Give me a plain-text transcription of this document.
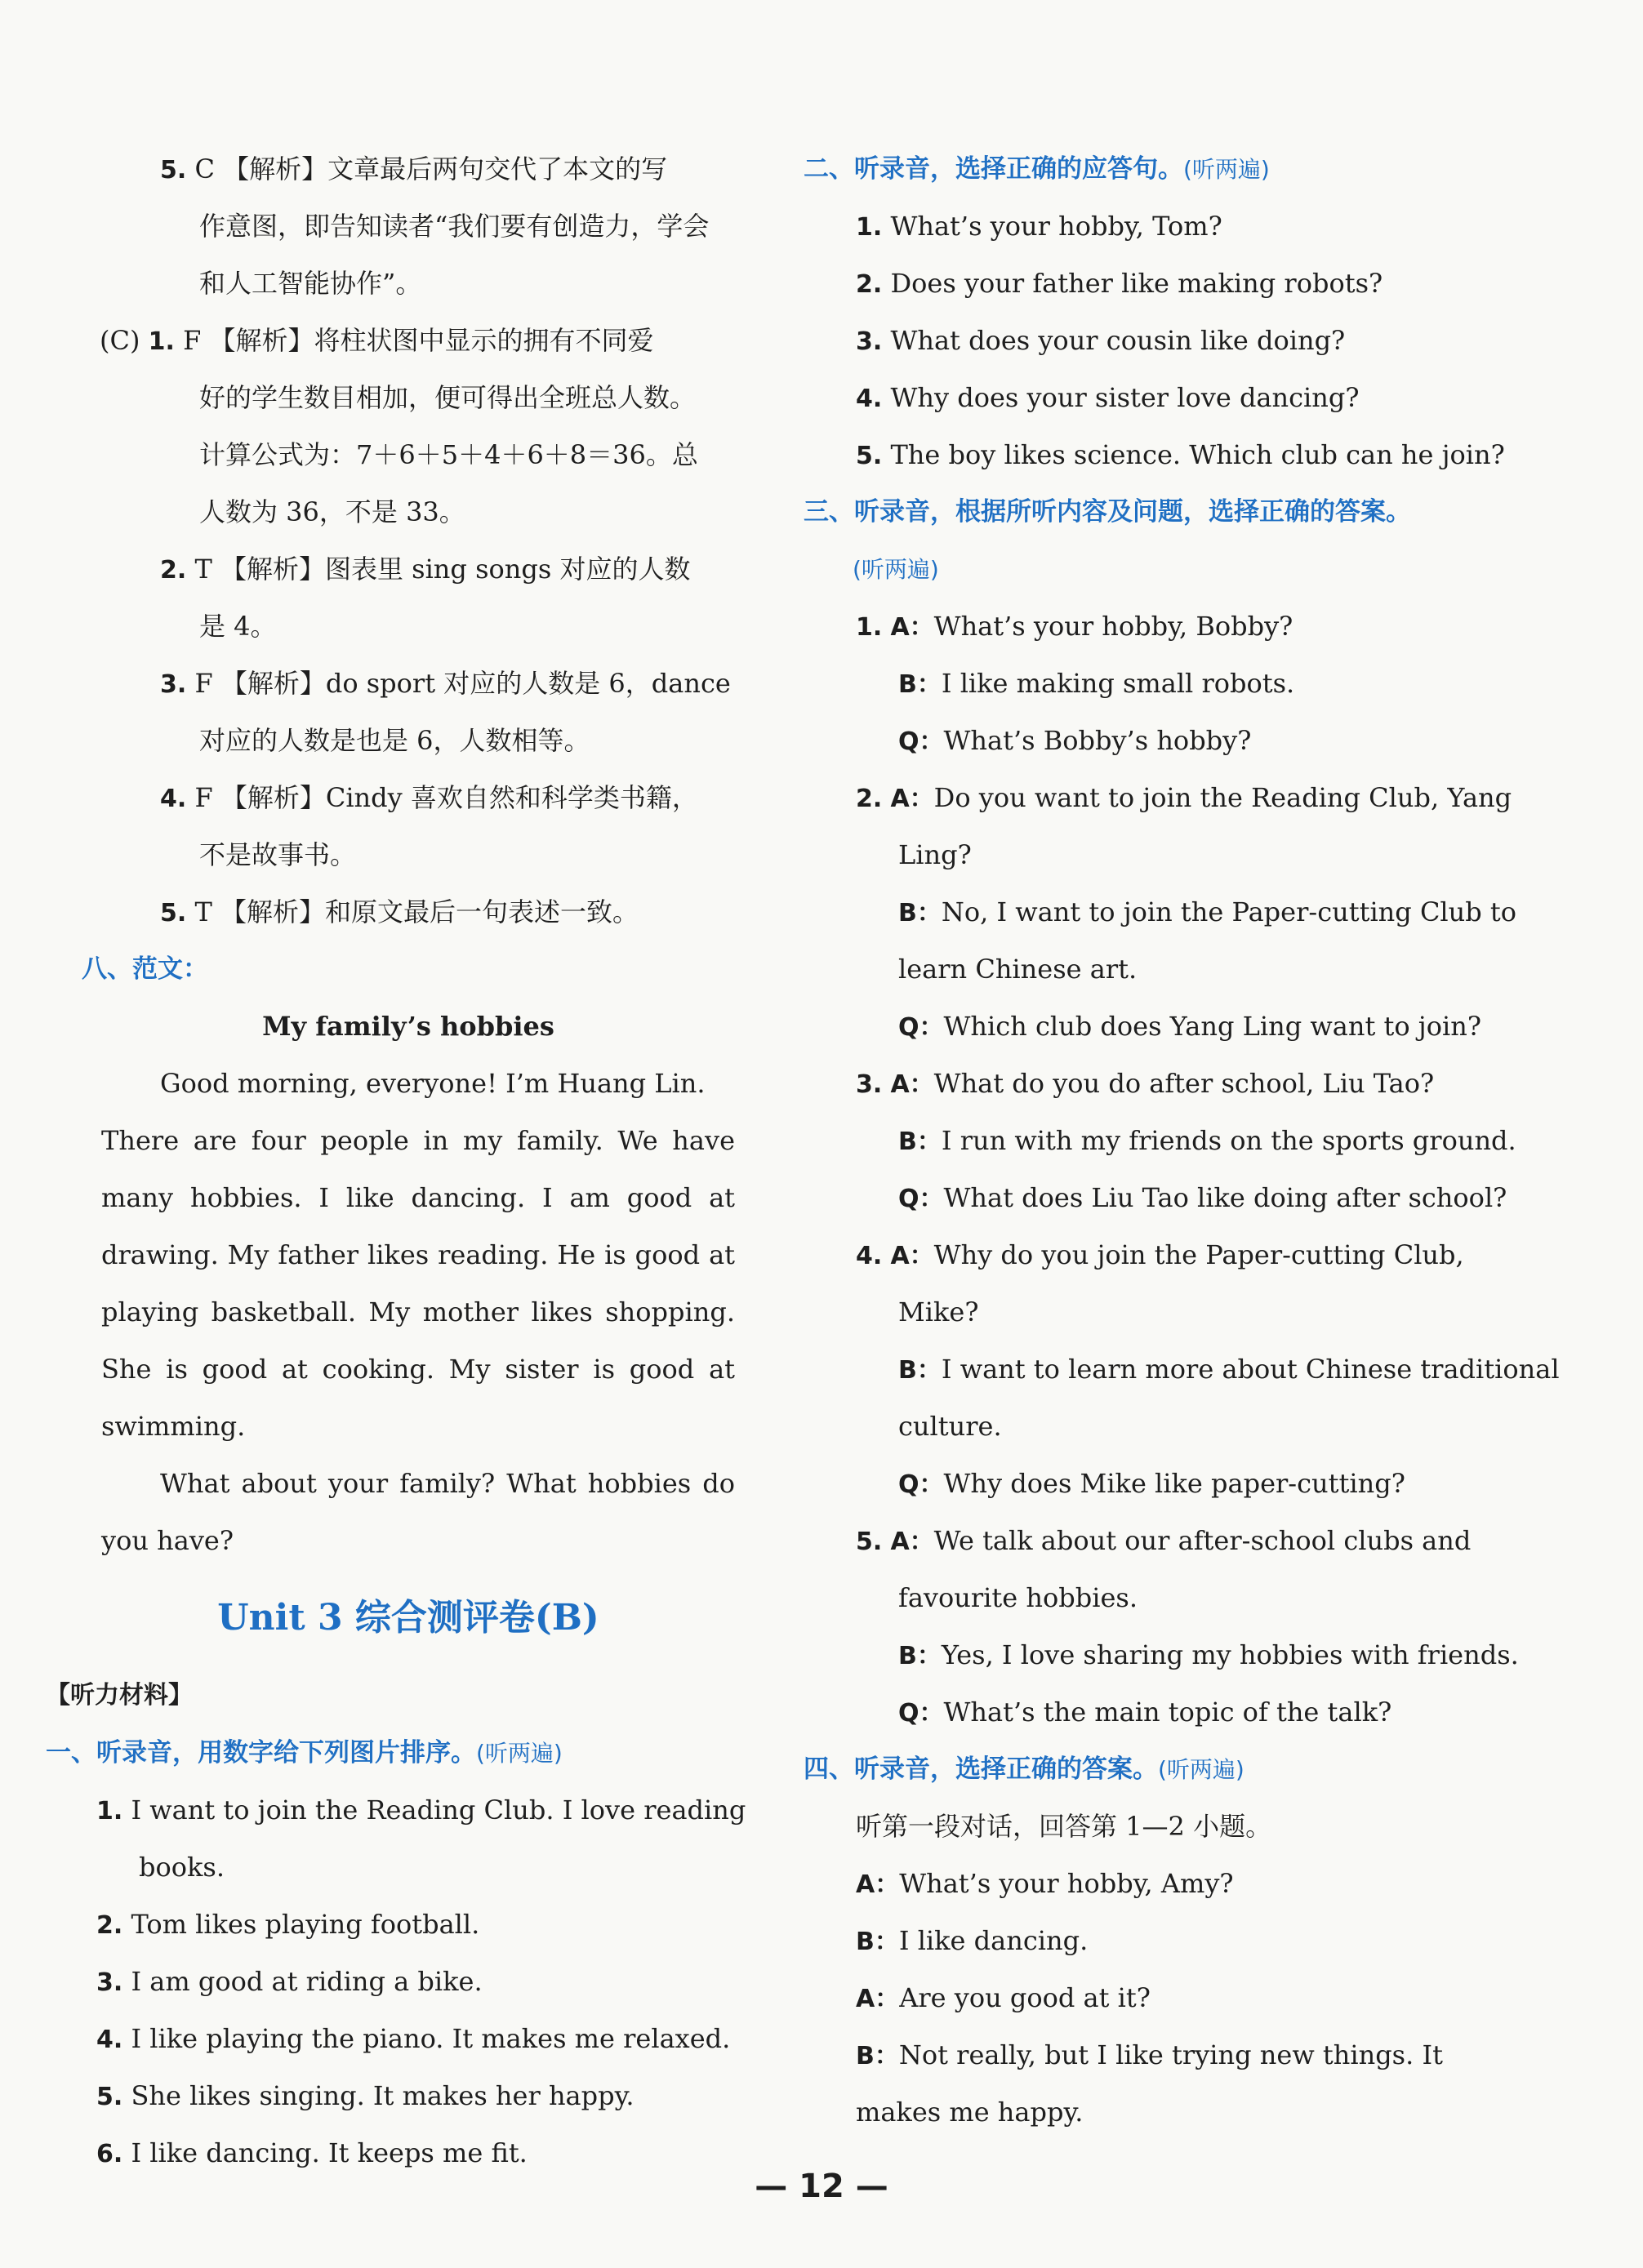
5. C 【解析】文章最后两句交代了本文的写
作意图，即告知读者“我们要有创造力，学会
和人工智能协作”。
(C) 1. F 【解析】将柱状图中显示的拥有不同爱
好的学生数目相加，便可得出全班总人数。
计算公式为：7＋6＋5＋4＋6＋8＝36。总
人数为 36，不是 33。
2. T 【解析】图表里 sing songs 对应的人数
是 4。
3. F 【解析】do sport 对应的人数是 6，dance
对应的人数是也是 6，人数相等。
4. F 【解析】Cindy 喜欢自然和科学类书籍，
不是故事书。
5. T 【解析】和原文最后一句表述一致。
八、范文：
My family’s hobbies
Good morning, everyone! I’m Huang Lin.
There are four people in my family. We have
many hobbies. I like dancing. I am good at
drawing. My father likes reading. He is good at
playing basketball. My mother likes shopping.
She is good at cooking. My sister is good at
swimming.
What about your family? What hobbies do
you have?
Unit 3 综合测评卷(B)
【听力材料】
一、听录音，用数字给下列图片排序。(听两遍)
1. I want to join the Reading Club. I love reading
books.
2. Tom likes playing football.
3. I am good at riding a bike.
4. I like playing the piano. It makes me relaxed.
5. She likes singing. It makes her happy.
6. I like dancing. It keeps me fit.
二、听录音，选择正确的应答句。(听两遍)
1. What’s your hobby, Tom?
2. Does your father like making robots?
3. What does your cousin like doing?
4. Why does your sister love dancing?
5. The boy likes science. Which club can he join?
三、听录音，根据所听内容及问题，选择正确的答案。
(听两遍)
1. A：What’s your hobby, Bobby?
B：I like making small robots.
Q：What’s Bobby’s hobby?
2. A：Do you want to join the Reading Club, Yang
Ling?
B：No, I want to join the Paper-cutting Club to
learn Chinese art.
Q：Which club does Yang Ling want to join?
3. A：What do you do after school, Liu Tao?
B：I run with my friends on the sports ground.
Q：What does Liu Tao like doing after school?
4. A：Why do you join the Paper-cutting Club,
Mike?
B：I want to learn more about Chinese traditional
culture.
Q：Why does Mike like paper-cutting?
5. A：We talk about our after-school clubs and
favourite hobbies.
B：Yes, I love sharing my hobbies with friends.
Q：What’s the main topic of the talk?
四、听录音，选择正确的答案。(听两遍)
听第一段对话，回答第 1—2 小题。
A：What’s your hobby, Amy?
B：I like dancing.
A：Are you good at it?
B：Not really, but I like trying new things. It
makes me happy.
— 12 —
